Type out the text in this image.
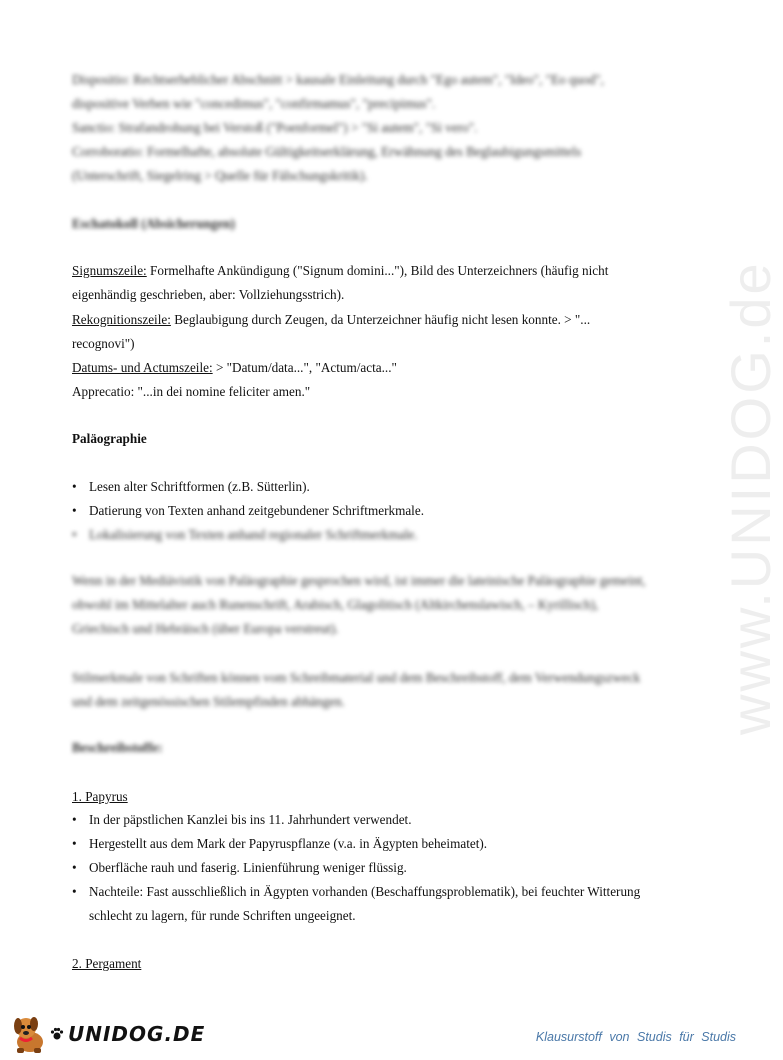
www.UNIDOG.de
Dispositio: Rechtserheblicher Abschnitt > kausale Einleitung durch "Ego autem", "Ideo", "Eo quod",
dispositive Verben wie "concedimus", "confirmamus", "precipimus".
Sanctio: Strafandrohung bei Verstoß ("Poenformel") > "Si autem", "Si vero".
Corroboratio: Formelhafte, absolute Gültigkeitserklärung, Erwähnung des Beglaubigungsmittels
(Unterschrift, Siegelring > Quelle für Fälschungskritik).
Eschatokoll (Absicherungen)
Signumszeile: Formelhafte Ankündigung ("Signum domini..."), Bild des Unterzeichners (häufig nicht
eigenhändig geschrieben, aber: Vollziehungsstrich).
Rekognitionszeile: Beglaubigung durch Zeugen, da Unterzeichner häufig nicht lesen konnte. > "...
recognovi")
Datums- und Actumszeile: > "Datum/data...", "Actum/acta..."
Apprecatio: "...in dei nomine feliciter amen."
Paläographie
• Lesen alter Schriftformen (z.B. Sütterlin).
• Datierung von Texten anhand zeitgebundener Schriftmerkmale.
• Lokalisierung von Texten anhand regionaler Schriftmerkmale.
Wenn in der Mediävistik von Paläographie gesprochen wird, ist immer die lateinische Paläographie gemeint,
obwohl im Mittelalter auch Runenschrift, Arabisch, Glagolitisch (Altkirchenslawisch, – Kyrillisch),
Griechisch und Hebräisch (über Europa verstreut).
Stilmerkmale von Schriften können vom Schreibmaterial und dem Beschreibstoff, dem Verwendungszweck
und dem zeitgenössischen Stilempfinden abhängen.
Beschreibstoffe:
1. Papyrus
• In der päpstlichen Kanzlei bis ins 11. Jahrhundert verwendet.
• Hergestellt aus dem Mark der Papyruspflanze (v.a. in Ägypten beheimatet).
• Oberfläche rauh und faserig. Linienführung weniger flüssig.
• Nachteile: Fast ausschließlich in Ägypten vorhanden (Beschaffungsproblematik), bei feuchter Witterung
schlecht zu lagern, für runde Schriften ungeeignet.
2. Pergament
UNIDOG.DE	Klausurstoff von Studis für Studis
